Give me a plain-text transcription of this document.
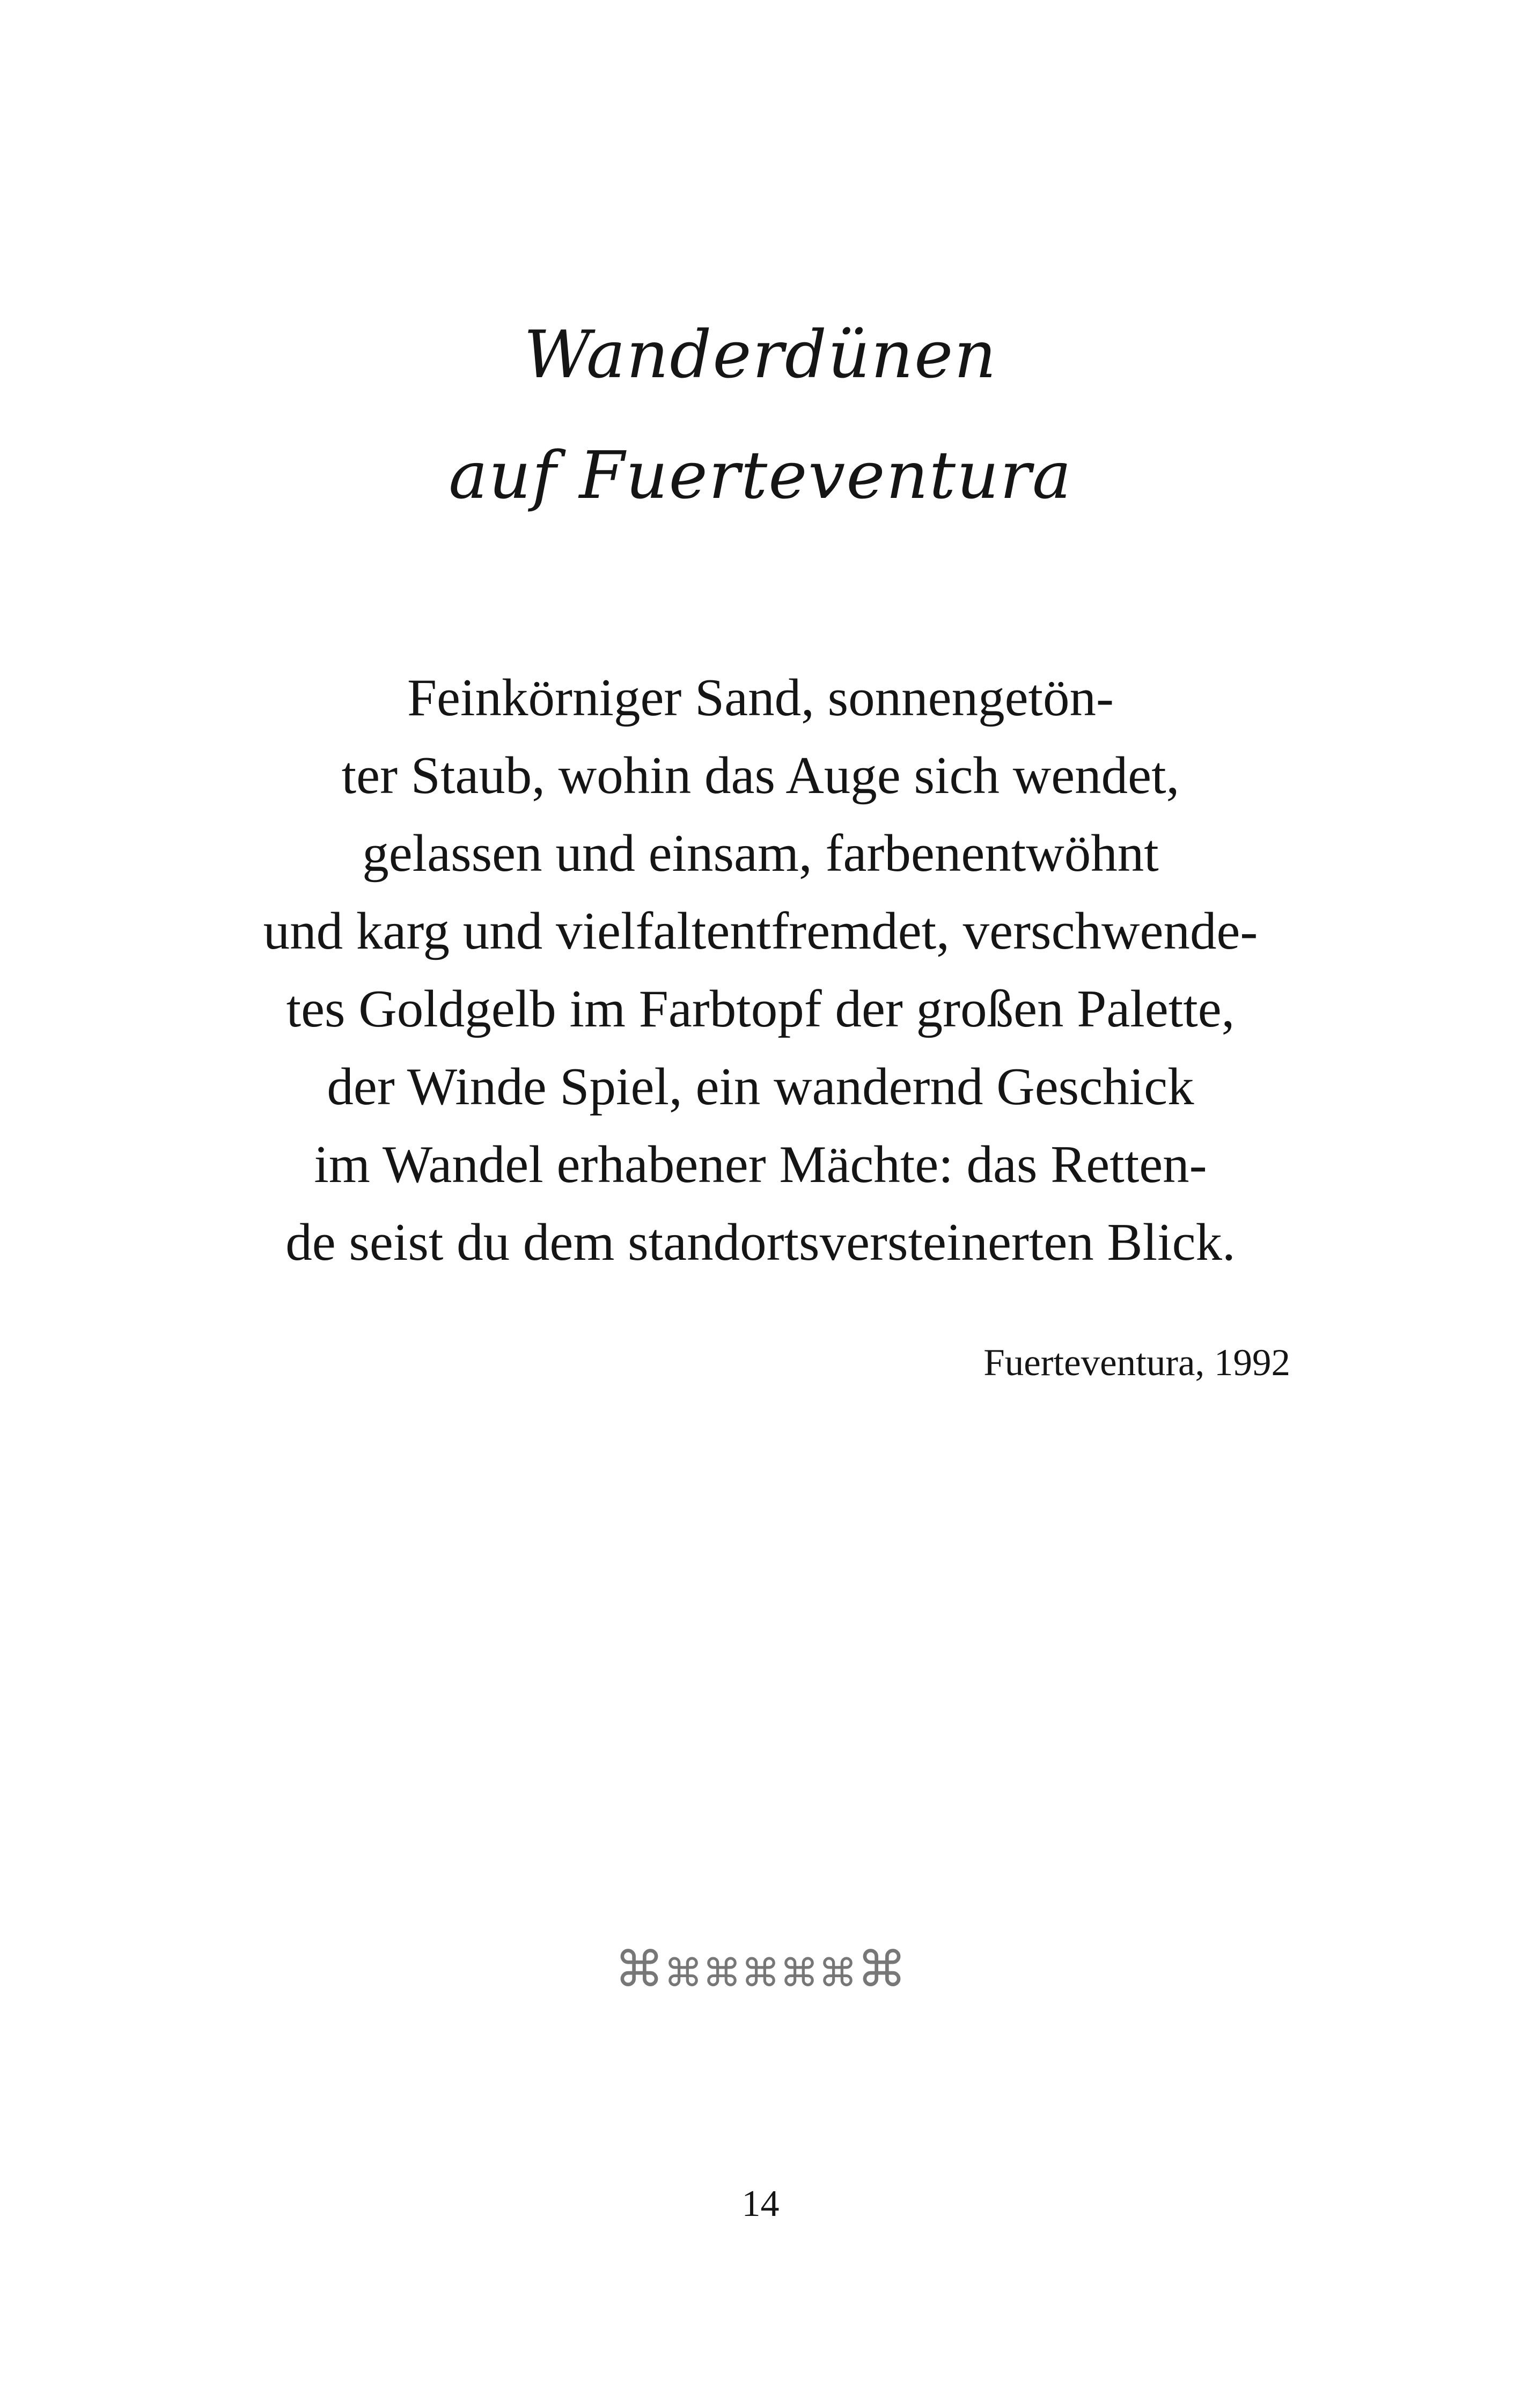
Wanderdünen
auf Fuerteventura
Feinkörniger Sand, sonnengetön-
ter Staub, wohin das Auge sich wendet,
gelassen und einsam, farbenentwöhnt
und karg und vielfaltentfremdet, verschwende-
tes Goldgelb im Farbtopf der großen Palette,
der Winde Spiel, ein wandernd Geschick
im Wandel erhabener Mächte: das Retten-
de seist du dem standortsversteinerten Blick.
Fuerteventura, 1992
⌘⌘⌘⌘⌘⌘⌘
14
